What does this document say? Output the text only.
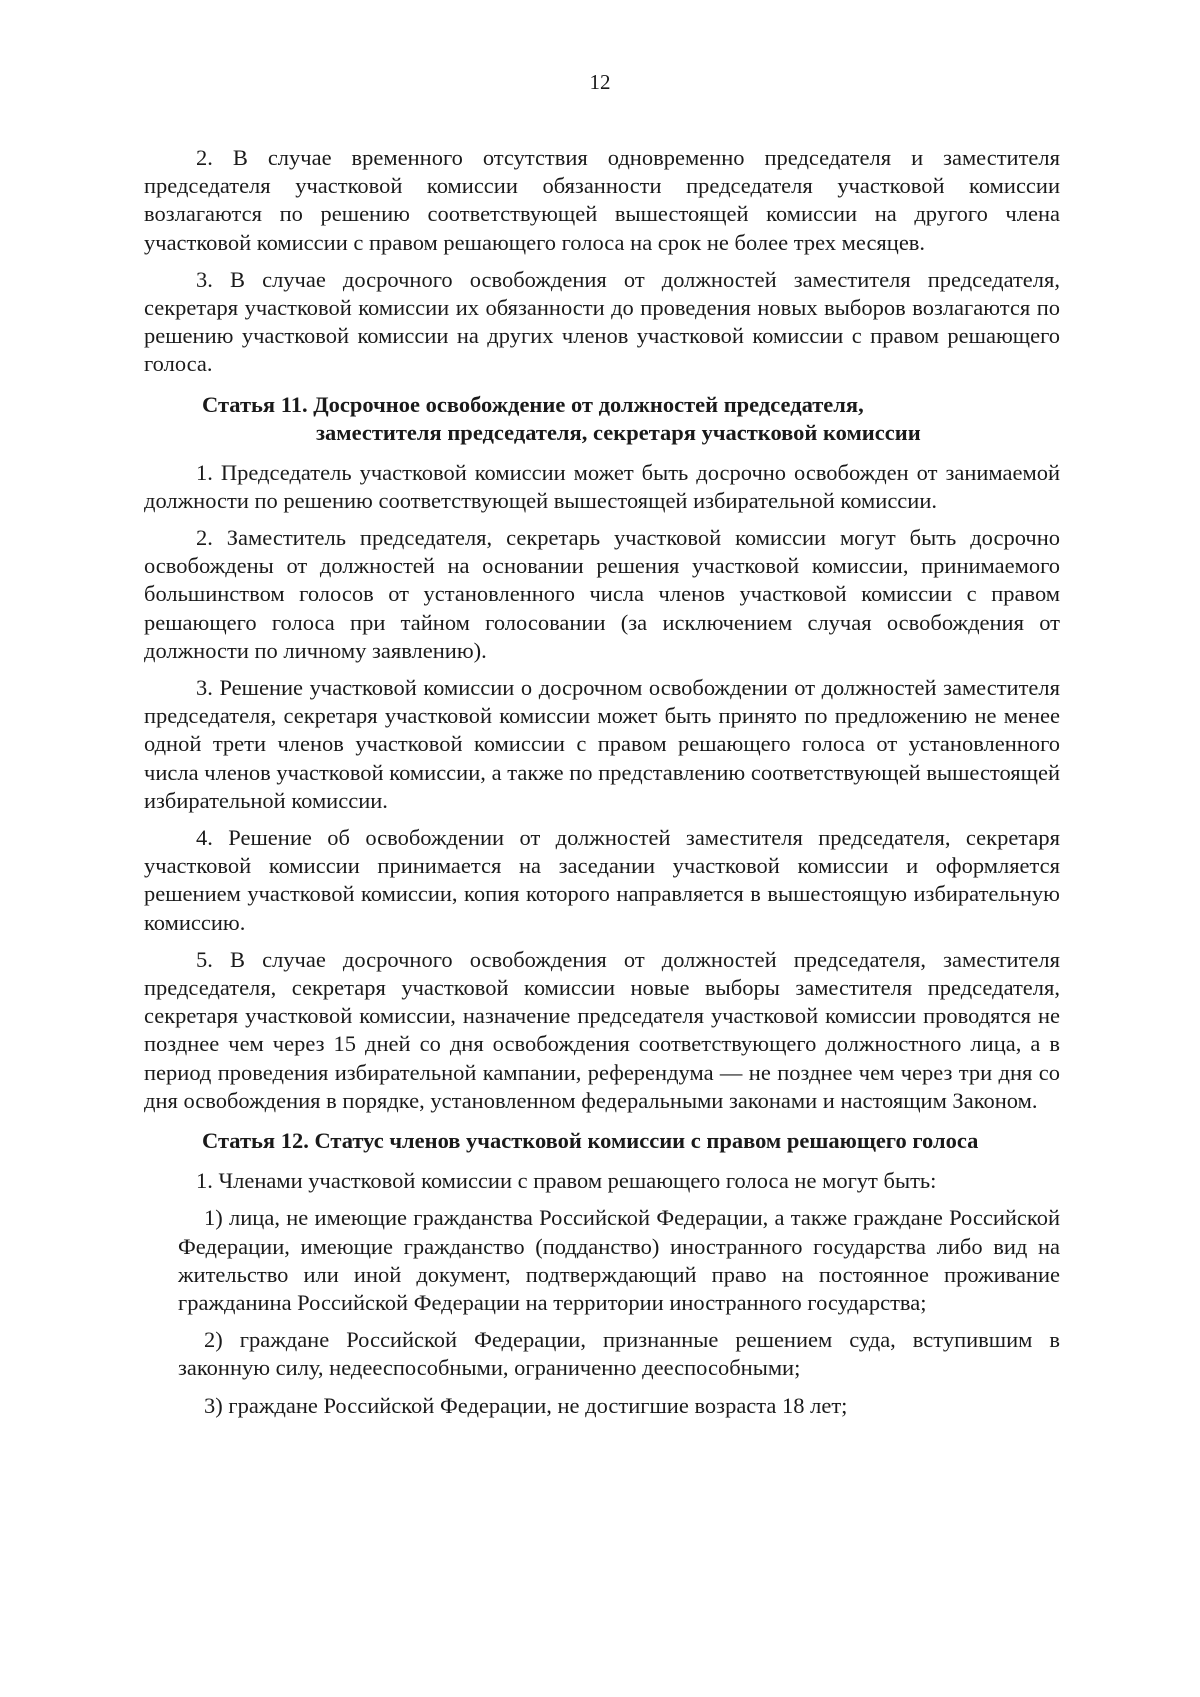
12

2. В случае временного отсутствия одновременно председателя и заместителя председателя участковой комиссии обязанности председателя участковой комиссии возлагаются по решению соответствующей вышестоящей комиссии на другого члена участковой комиссии с правом решающего голоса на срок не более трех месяцев.

3. В случае досрочного освобождения от должностей заместителя председателя, секретаря участковой комиссии их обязанности до проведения новых выборов возлагаются по решению участковой комиссии на других членов участковой комиссии с правом решающего голоса.

Статья 11. Досрочное освобождение от должностей председателя,
заместителя председателя, секретаря участковой комиссии

1. Председатель участковой комиссии может быть досрочно освобожден от занимаемой должности по решению соответствующей вышестоящей избирательной комиссии.

2. Заместитель председателя, секретарь участковой комиссии могут быть досрочно освобождены от должностей на основании решения участковой комиссии, принимаемого большинством голосов от установленного числа членов участковой комиссии с правом решающего голоса при тайном голосовании (за исключением случая освобождения от должности по личному заявлению).

3. Решение участковой комиссии о досрочном освобождении от должностей заместителя председателя, секретаря участковой комиссии может быть принято по предложению не менее одной трети членов участковой комиссии с правом решающего голоса от установленного числа членов участковой комиссии, а также по представлению соответствующей вышестоящей избирательной комиссии.

4. Решение об освобождении от должностей заместителя председателя, секретаря участковой комиссии принимается на заседании участковой комиссии и оформляется решением участковой комиссии, копия которого направляется в вышестоящую избирательную комиссию.

5. В случае досрочного освобождения от должностей председателя, заместителя председателя, секретаря участковой комиссии новые выборы заместителя председателя, секретаря участковой комиссии, назначение председателя участковой комиссии проводятся не позднее чем через 15 дней со дня освобождения соответствующего должностного лица, а в период проведения избирательной кампании, референдума — не позднее чем через три дня со дня освобождения в порядке, установленном федеральными законами и настоящим Законом.

Статья 12. Статус членов участковой комиссии с правом решающего голоса

1. Членами участковой комиссии с правом решающего голоса не могут быть:

1) лица, не имеющие гражданства Российской Федерации, а также граждане Российской Федерации, имеющие гражданство (подданство) иностранного государства либо вид на жительство или иной документ, подтверждающий право на постоянное проживание гражданина Российской Федерации на территории иностранного государства;

2) граждане Российской Федерации, признанные решением суда, вступившим в законную силу, недееспособными, ограниченно дееспособными;

3) граждане Российской Федерации, не достигшие возраста 18 лет;
